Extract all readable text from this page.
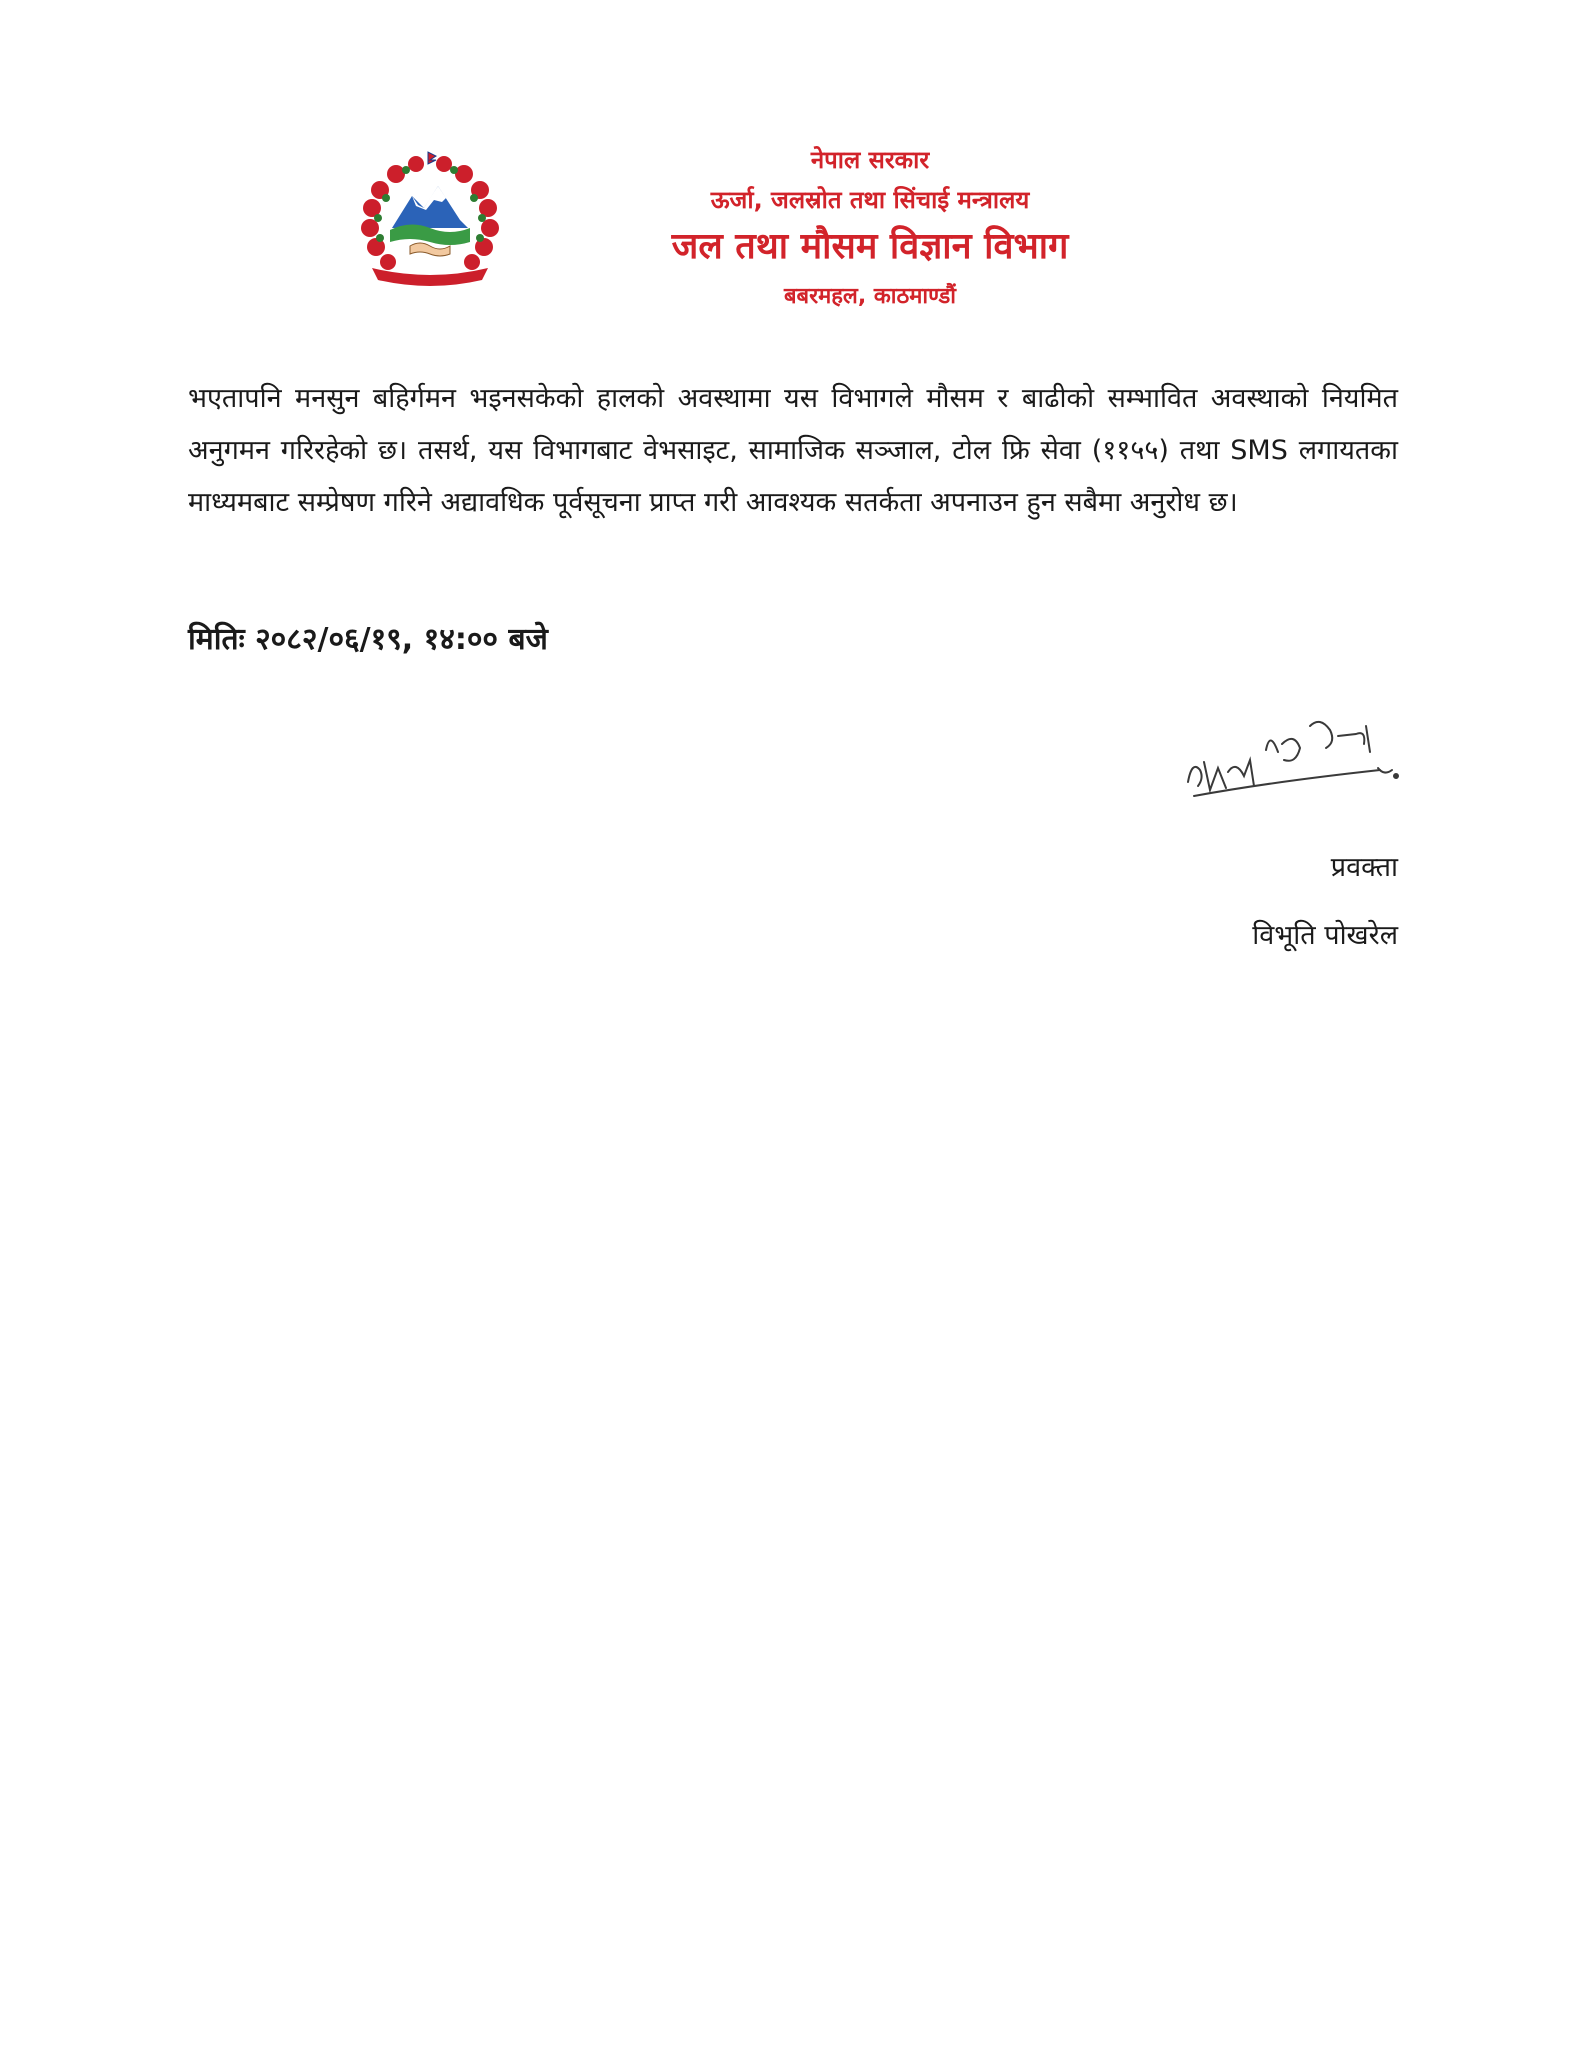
नेपाल सरकार
ऊर्जा, जलस्रोत तथा सिंचाई मन्त्रालय
जल तथा मौसम विज्ञान विभाग
बबरमहल, काठमाण्डौं
भएतापनि मनसुन बहिर्गमन भइनसकेको हालको अवस्थामा यस विभागले मौसम र बाढीको सम्भावित अवस्थाको नियमित अनुगमन गरिरहेको छ। तसर्थ, यस विभागबाट वेभसाइट, सामाजिक सञ्जाल, टोल फ्रि सेवा (११५५) तथा SMS लगायतका माध्यमबाट सम्प्रेषण गरिने अद्यावधिक पूर्वसूचना प्राप्त गरी आवश्यक सतर्कता अपनाउन हुन सबैमा अनुरोध छ।
मितिः २०८२/०६/१९, १४:०० बजे
प्रवक्ता
विभूति पोखरेल
